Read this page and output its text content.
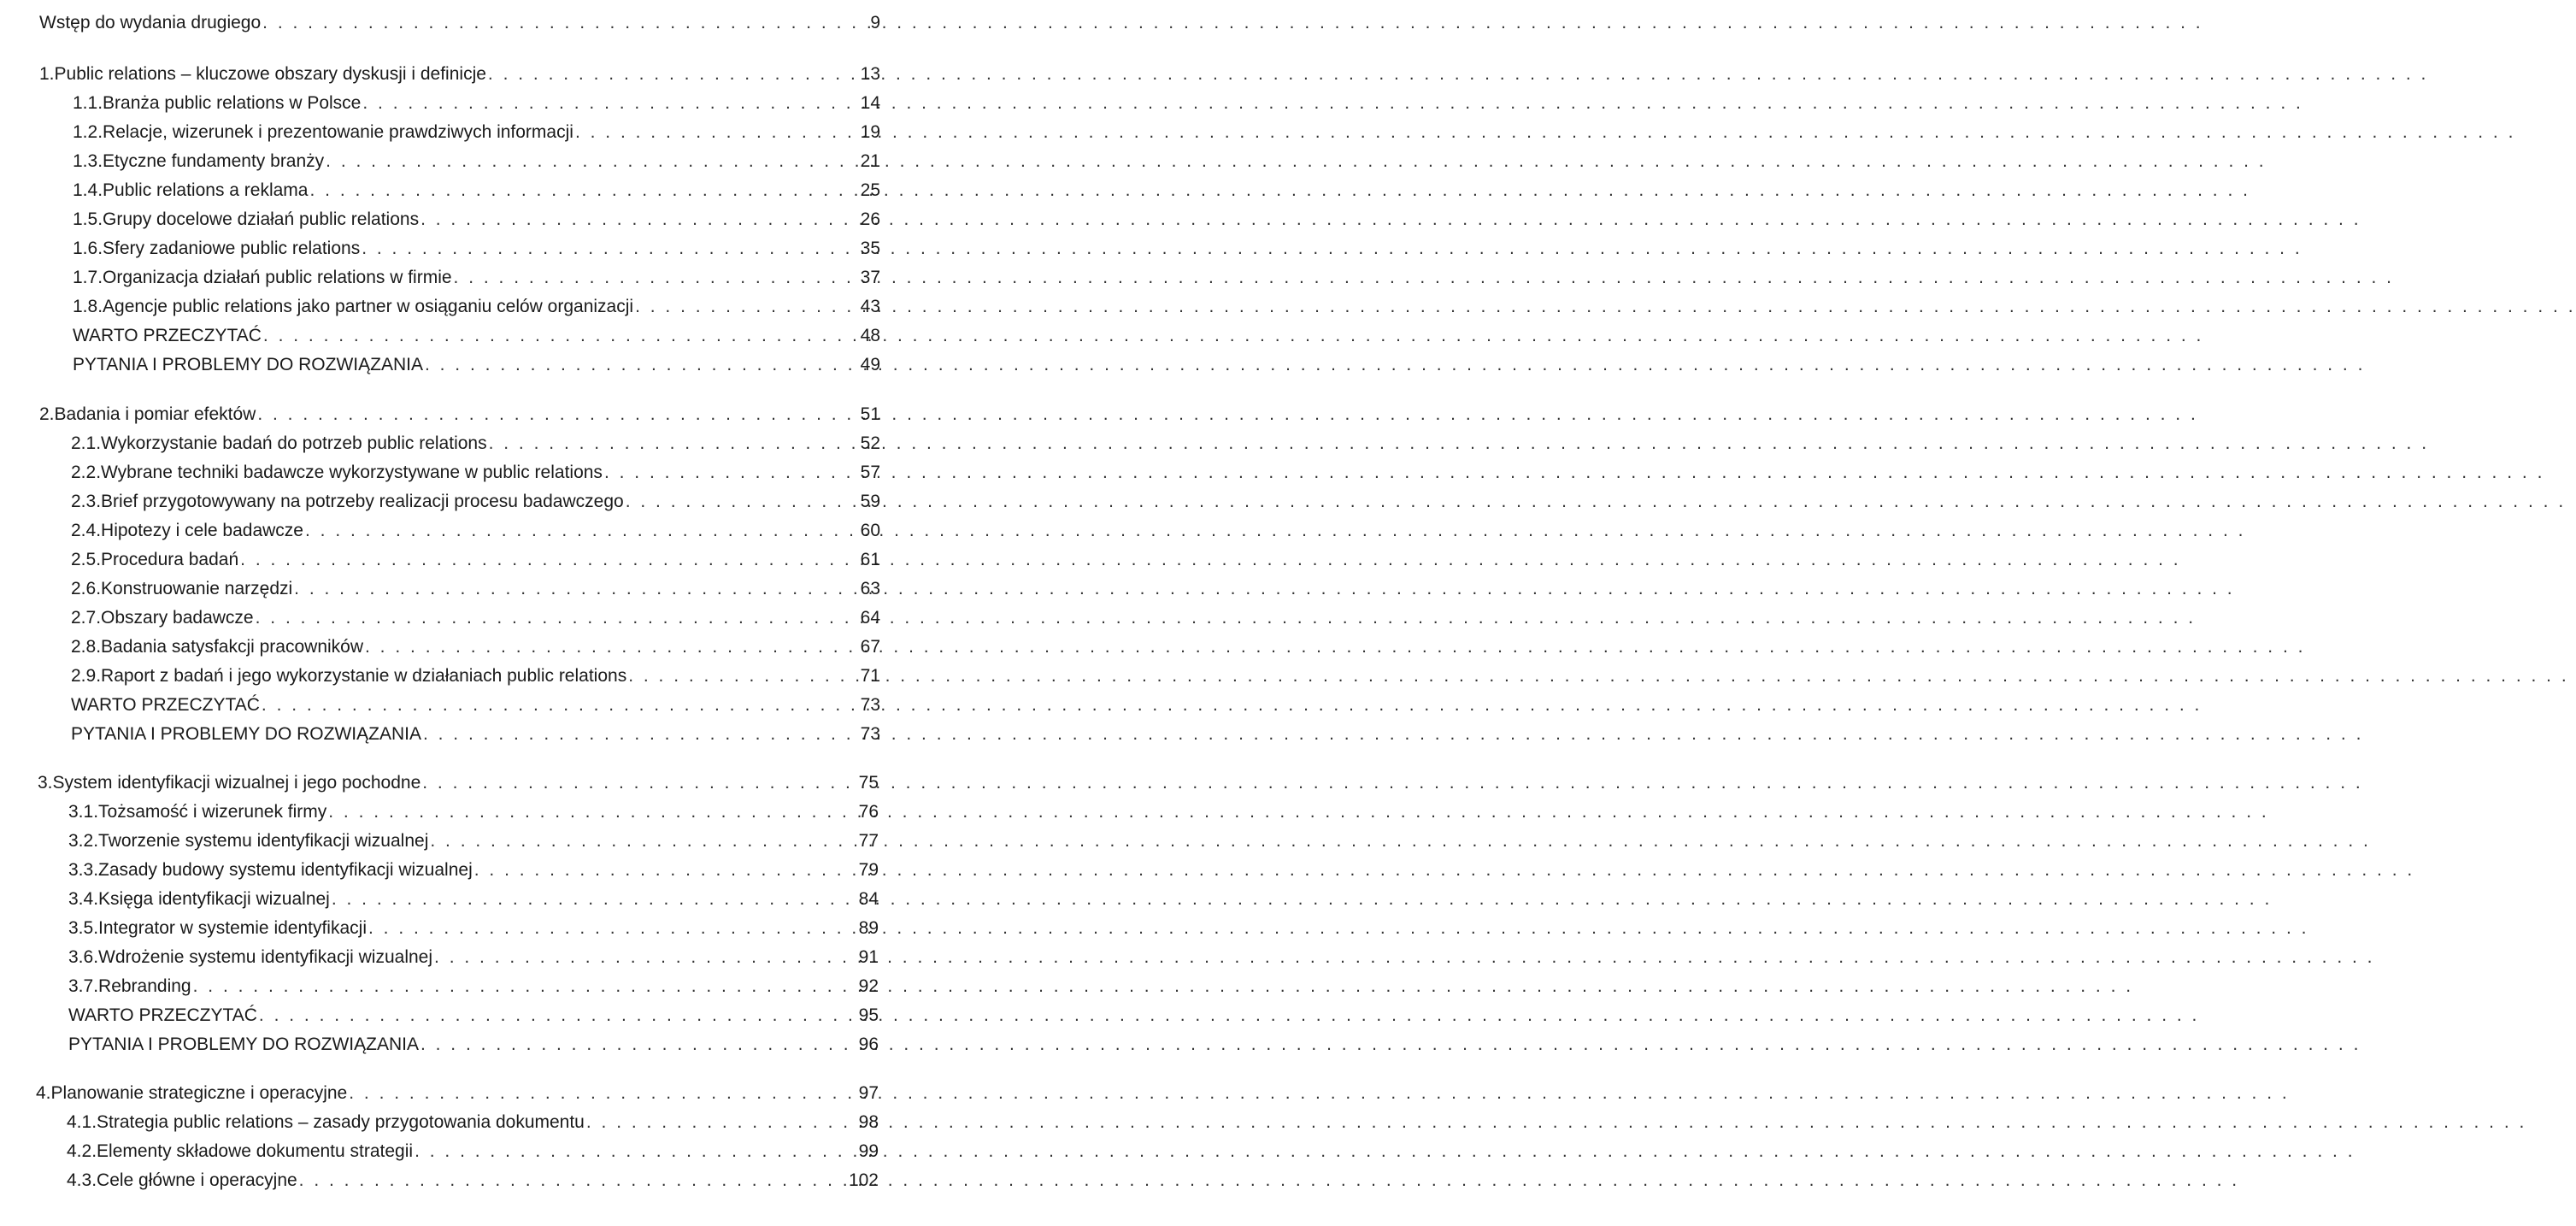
Wstęp do wydania drugiego . . .	9
1. Public relations – kluczowe obszary dyskusji i definicje . . .	13
1.1. Branża public relations w Polsce . . .	14
1.2. Relacje, wizerunek i prezentowanie prawdziwych informacji . . .	19
1.3. Etyczne fundamenty branży . . .	21
1.4. Public relations a reklama . . .	25
1.5. Grupy docelowe działań public relations . . .	26
1.6. Sfery zadaniowe public relations . . .	35
1.7. Organizacja działań public relations w firmie . . .	37
1.8. Agencje public relations jako partner w osiąganiu celów organizacji . . .	43
WARTO PRZECZYTAĆ . . .	48
PYTANIA I PROBLEMY DO ROZWIĄZANIA . . .	49
2. Badania i pomiar efektów . . .	51
2.1. Wykorzystanie badań do potrzeb public relations . . .	52
2.2. Wybrane techniki badawcze wykorzystywane w public relations . . .	57
2.3. Brief przygotowywany na potrzeby realizacji procesu badawczego . . .	59
2.4. Hipotezy i cele badawcze . . .	60
2.5. Procedura badań . . .	61
2.6. Konstruowanie narzędzi . . .	63
2.7. Obszary badawcze . . .	64
2.8. Badania satysfakcji pracowników . . .	67
2.9. Raport z badań i jego wykorzystanie w działaniach public relations . . .	71
WARTO PRZECZYTAĆ . . .	73
PYTANIA I PROBLEMY DO ROZWIĄZANIA . . .	73
3. System identyfikacji wizualnej i jego pochodne . . .	75
3.1. Tożsamość i wizerunek firmy . . .	76
3.2. Tworzenie systemu identyfikacji wizualnej . . .	77
3.3. Zasady budowy systemu identyfikacji wizualnej . . .	79
3.4. Księga identyfikacji wizualnej . . .	84
3.5. Integrator w systemie identyfikacji . . .	89
3.6. Wdrożenie systemu identyfikacji wizualnej . . .	91
3.7. Rebranding . . .	92
WARTO PRZECZYTAĆ . . .	95
PYTANIA I PROBLEMY DO ROZWIĄZANIA . . .	96
4. Planowanie strategiczne i operacyjne . . .	97
4.1. Strategia public relations – zasady przygotowania dokumentu . . .	98
4.2. Elementy składowe dokumentu strategii . . .	99
4.3. Cele główne i operacyjne . . .	102
